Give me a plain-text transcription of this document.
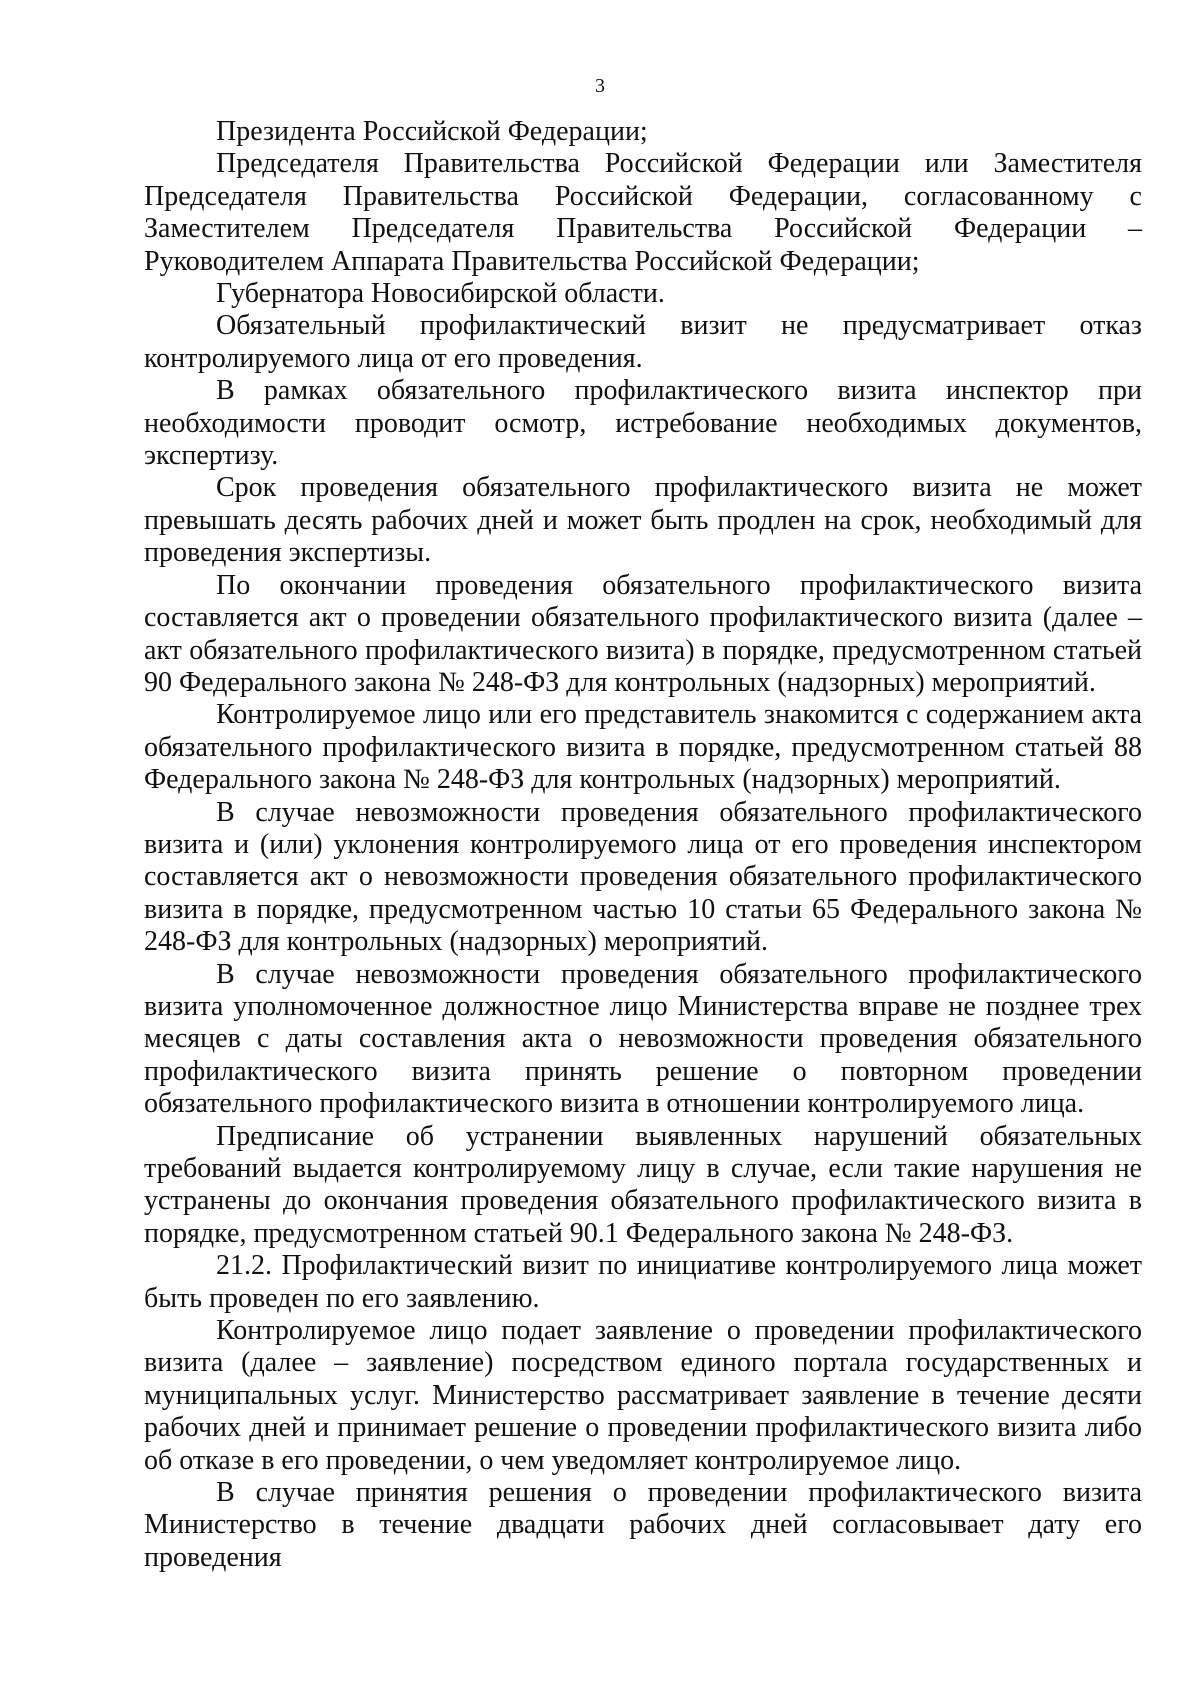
3

Президента Российской Федерации;

Председателя Правительства Российской Федерации или Заместителя Председателя Правительства Российской Федерации, согласованному с Заместителем Председателя Правительства Российской Федерации – Руководителем Аппарата Правительства Российской Федерации;

Губернатора Новосибирской области.

Обязательный профилактический визит не предусматривает отказ контролируемого лица от его проведения.

В рамках обязательного профилактического визита инспектор при необходимости проводит осмотр, истребование необходимых документов, экспертизу.

Срок проведения обязательного профилактического визита не может превышать десять рабочих дней и может быть продлен на срок, необходимый для проведения экспертизы.

По окончании проведения обязательного профилактического визита составляется акт о проведении обязательного профилактического визита (далее – акт обязательного профилактического визита) в порядке, предусмотренном статьей 90 Федерального закона № 248-ФЗ для контрольных (надзорных) мероприятий.

Контролируемое лицо или его представитель знакомится с содержанием акта обязательного профилактического визита в порядке, предусмотренном статьей 88 Федерального закона № 248-ФЗ для контрольных (надзорных) мероприятий.

В случае невозможности проведения обязательного профилактического визита и (или) уклонения контролируемого лица от его проведения инспектором составляется акт о невозможности проведения обязательного профилактического визита в порядке, предусмотренном частью 10 статьи 65 Федерального закона № 248-ФЗ для контрольных (надзорных) мероприятий.

В случае невозможности проведения обязательного профилактического визита уполномоченное должностное лицо Министерства вправе не позднее трех месяцев с даты составления акта о невозможности проведения обязательного профилактического визита принять решение о повторном проведении обязательного профилактического визита в отношении контролируемого лица.

Предписание об устранении выявленных нарушений обязательных требований выдается контролируемому лицу в случае, если такие нарушения не устранены до окончания проведения обязательного профилактического визита в порядке, предусмотренном статьей 90.1 Федерального закона № 248-ФЗ.

21.2. Профилактический визит по инициативе контролируемого лица может быть проведен по его заявлению.

Контролируемое лицо подает заявление о проведении профилактического визита (далее – заявление) посредством единого портала государственных и муниципальных услуг. Министерство рассматривает заявление в течение десяти рабочих дней и принимает решение о проведении профилактического визита либо об отказе в его проведении, о чем уведомляет контролируемое лицо.

В случае принятия решения о проведении профилактического визита Министерство в течение двадцати рабочих дней согласовывает дату его проведения
